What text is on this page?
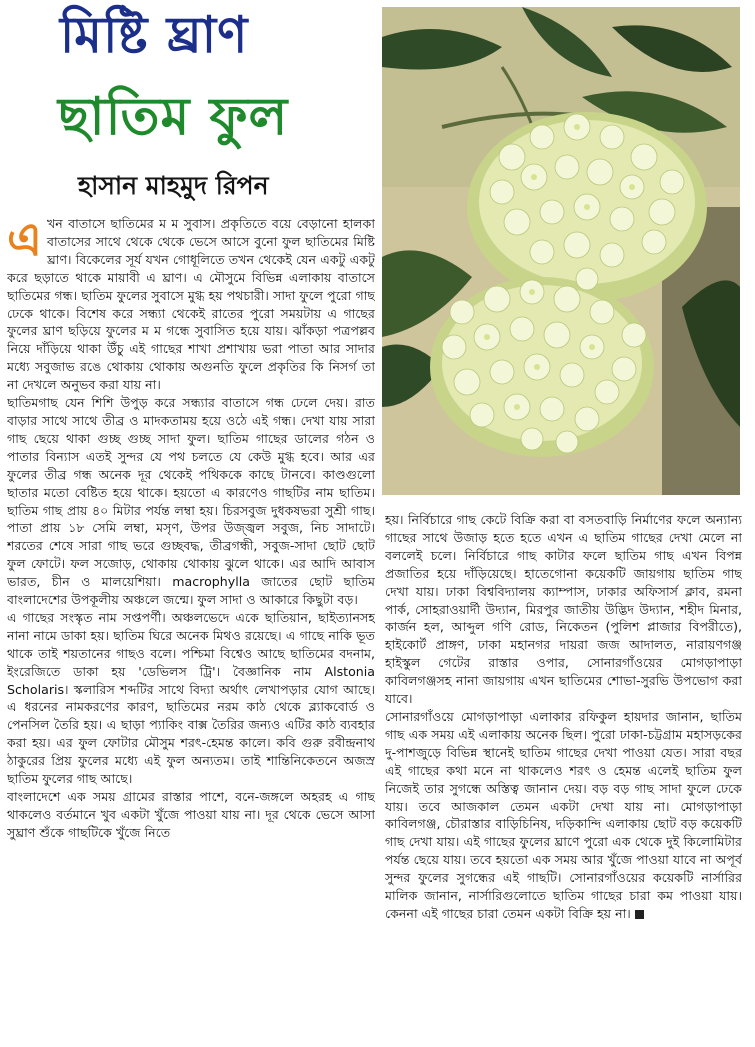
মিষ্টি ঘ্রাণ
ছাতিম ফুল
হাসান মাহমুদ রিপন

এখন বাতাসে ছাতিমের ম ম সুবাস। প্রকৃতিতে বয়ে বেড়ানো হালকা বাতাসের সাথে থেকে থেকে ভেসে আসে বুনো ফুল ছাতিমের মিষ্টি ঘ্রাণ। বিকেলের সূর্য যখন গোধূলিতে তখন থেকেই যেন একটু একটু করে ছড়াতে থাকে মায়াবী এ ঘ্রাণ। এ মৌসুমে বিভিন্ন এলাকায় বাতাসে ছাতিমের গন্ধ। ছাতিম ফুলের সুবাসে মুগ্ধ হয় পথচারী। সাদা ফুলে পুরো গাছ ঢেকে থাকে। বিশেষ করে সন্ধ্যা থেকেই রাতের পুরো সময়টায় এ গাছের ফুলের ঘ্রাণ ছড়িয়ে ফুলের ম ম গন্ধে সুবাসিত হয়ে যায়। ঝাঁকড়া পত্রপল্লব নিয়ে দাঁড়িয়ে থাকা উঁচু এই গাছের শাখা প্রশাখায় ভরা পাতা আর সাদার মধ্যে সবুজাভ রঙে থোকায় থোকায় অগুনতি ফুলে প্রকৃতির কি নিসর্গ তা না দেখলে অনুভব করা যায় না।

ছাতিমগাছ যেন শিশি উপুড় করে সন্ধ্যার বাতাসে গন্ধ ঢেলে দেয়। রাত বাড়ার সাথে সাথে তীব্র ও মাদকতাময় হয়ে ওঠে এই গন্ধ। দেখা যায় সারা গাছ ছেয়ে থাকা গুচ্ছ গুচ্ছ সাদা ফুল। ছাতিম গাছের ডালের গঠন ও পাতার বিন্যাস এতই সুন্দর যে পথ চলতে যে কেউ মুগ্ধ হবে। আর এর ফুলের তীব্র গন্ধ অনেক দূর থেকেই পথিককে কাছে টানবে। কাণ্ডগুলো ছাতার মতো বেষ্টিত হয়ে থাকে। হয়তো এ কারণেও গাছটির নাম ছাতিম। ছাতিম গাছ প্রায় ৪০ মিটার পর্যন্ত লম্বা হয়। চিরসবুজ দুধকষভরা সুশ্রী গাছ। পাতা প্রায় ১৮ সেমি লম্বা, মসৃণ, উপর উজ্জ্বল সবুজ, নিচ সাদাটে। শরতের শেষে সারা গাছ ভরে গুচ্ছবদ্ধ, তীব্রগন্ধী, সবুজ-সাদা ছোট ছোট ফুল ফোটে। ফল সজোড়, থোকায় থোকায় ঝুলে থাকে। এর আদি আবাস ভারত, চীন ও মালয়েশিয়া। macrophylla জাতের ছোট ছাতিম বাংলাদেশের উপকূলীয় অঞ্চলে জন্মে। ফুল সাদা ও আকারে কিছুটা বড়।

এ গাছের সংস্কৃত নাম সপ্তপর্ণী। অঞ্চলভেদে একে ছাতিয়ান, ছাইত্যানসহ নানা নামে ডাকা হয়। ছাতিম ঘিরে অনেক মিথও রয়েছে। এ গাছে নাকি ভূত থাকে তাই শয়তানের গাছও বলে। পশ্চিমা বিশ্বেও আছে ছাতিমের বদনাম, ইংরেজিতে ডাকা হয় 'ডেভিলস ট্রি'। বৈজ্ঞানিক নাম Alstonia Scholaris। স্কলারিস শব্দটির সাথে বিদ্যা অর্থাৎ লেখাপড়ার যোগ আছে। এ ধরনের নামকরণের কারণ, ছাতিমের নরম কাঠ থেকে ব্ল্যাকবোর্ড ও পেনসিল তৈরি হয়। এ ছাড়া প্যাকিং বাক্স তৈরির জন্যও এটির কাঠ ব্যবহার করা হয়। এর ফুল ফোটার মৌসুম শরৎ-হেমন্ত কালে। কবি গুরু রবীন্দ্রনাথ ঠাকুরের প্রিয় ফুলের মধ্যে এই ফুল অন্যতম। তাই শান্তিনিকেতনে অজস্র ছাতিম ফুলের গাছ আছে।

বাংলাদেশে এক সময় গ্রামের রাস্তার পাশে, বনে-জঙ্গলে অহরহ এ গাছ থাকলেও বর্তমানে খুব একটা খুঁজে পাওয়া যায় না। দূর থেকে ভেসে আসা সুঘ্রাণ শুঁকে গাছটিকে খুঁজে নিতে

হয়। নির্বিচারে গাছ কেটে বিক্রি করা বা বসতবাড়ি নির্মাণের ফলে অন্যান্য গাছের সাথে উজাড় হতে হতে এখন এ ছাতিম গাছের দেখা মেলে না বললেই চলে। নির্বিচারে গাছ কাটার ফলে ছাতিম গাছ এখন বিপন্ন প্রজাতির হয়ে দাঁড়িয়েছে। হাতেগোনা কয়েকটি জায়গায় ছাতিম গাছ দেখা যায়। ঢাকা বিশ্ববিদ্যালয় ক্যাম্পাস, ঢাকার অফিসার্স ক্লাব, রমনা পার্ক, সোহরাওয়ার্দী উদ্যান, মিরপুর জাতীয় উদ্ভিদ উদ্যান, শহীদ মিনার, কার্জন হল, আব্দুল গণি রোড, নিকেতন (পুলিশ প্লাজার বিপরীতে), হাইকোর্ট প্রাঙ্গণ, ঢাকা মহানগর দায়রা জজ আদালত, নারায়ণগঞ্জ হাইস্কুল গেটের রাস্তার ওপার, সোনারগাঁওয়ের মোগড়াপাড়া কাবিলগঞ্জসহ নানা জায়গায় এখন ছাতিমের শোভা-সুরভি উপভোগ করা যাবে।

সোনারগাঁওয়ে মোগড়াপাড়া এলাকার রফিকুল হায়দার জানান, ছাতিম গাছ এক সময় এই এলাকায় অনেক ছিল। পুরো ঢাকা-চট্টগ্রাম মহাসড়কের দু-পাশজুড়ে বিভিন্ন স্থানেই ছাতিম গাছের দেখা পাওয়া যেত। সারা বছর এই গাছের কথা মনে না থাকলেও শরৎ ও হেমন্ত এলেই ছাতিম ফুল নিজেই তার সুগন্ধে অস্তিত্ব জানান দেয়। বড় বড় গাছ সাদা ফুলে ঢেকে যায়। তবে আজকাল তেমন একটা দেখা যায় না। মোগড়াপাড়া কাবিলগঞ্জ, চৌরাস্তার বাড়িচিনিষ, দড়িকান্দি এলাকায় ছোট বড় কয়েকটি গাছ দেখা যায়। এই গাছের ফুলের ঘ্রাণে পুরো এক থেকে দুই কিলোমিটার পর্যন্ত ছেয়ে যায়। তবে হয়তো এক সময় আর খুঁজে পাওয়া যাবে না অপূর্ব সুন্দর ফুলের সুগন্ধের এই গাছটি। সোনারগাঁওয়ের কয়েকটি নার্সারির মালিক জানান, নার্সারিগুলোতে ছাতিম গাছের চারা কম পাওয়া যায়। কেননা এই গাছের চারা তেমন একটা বিক্রি হয় না।
